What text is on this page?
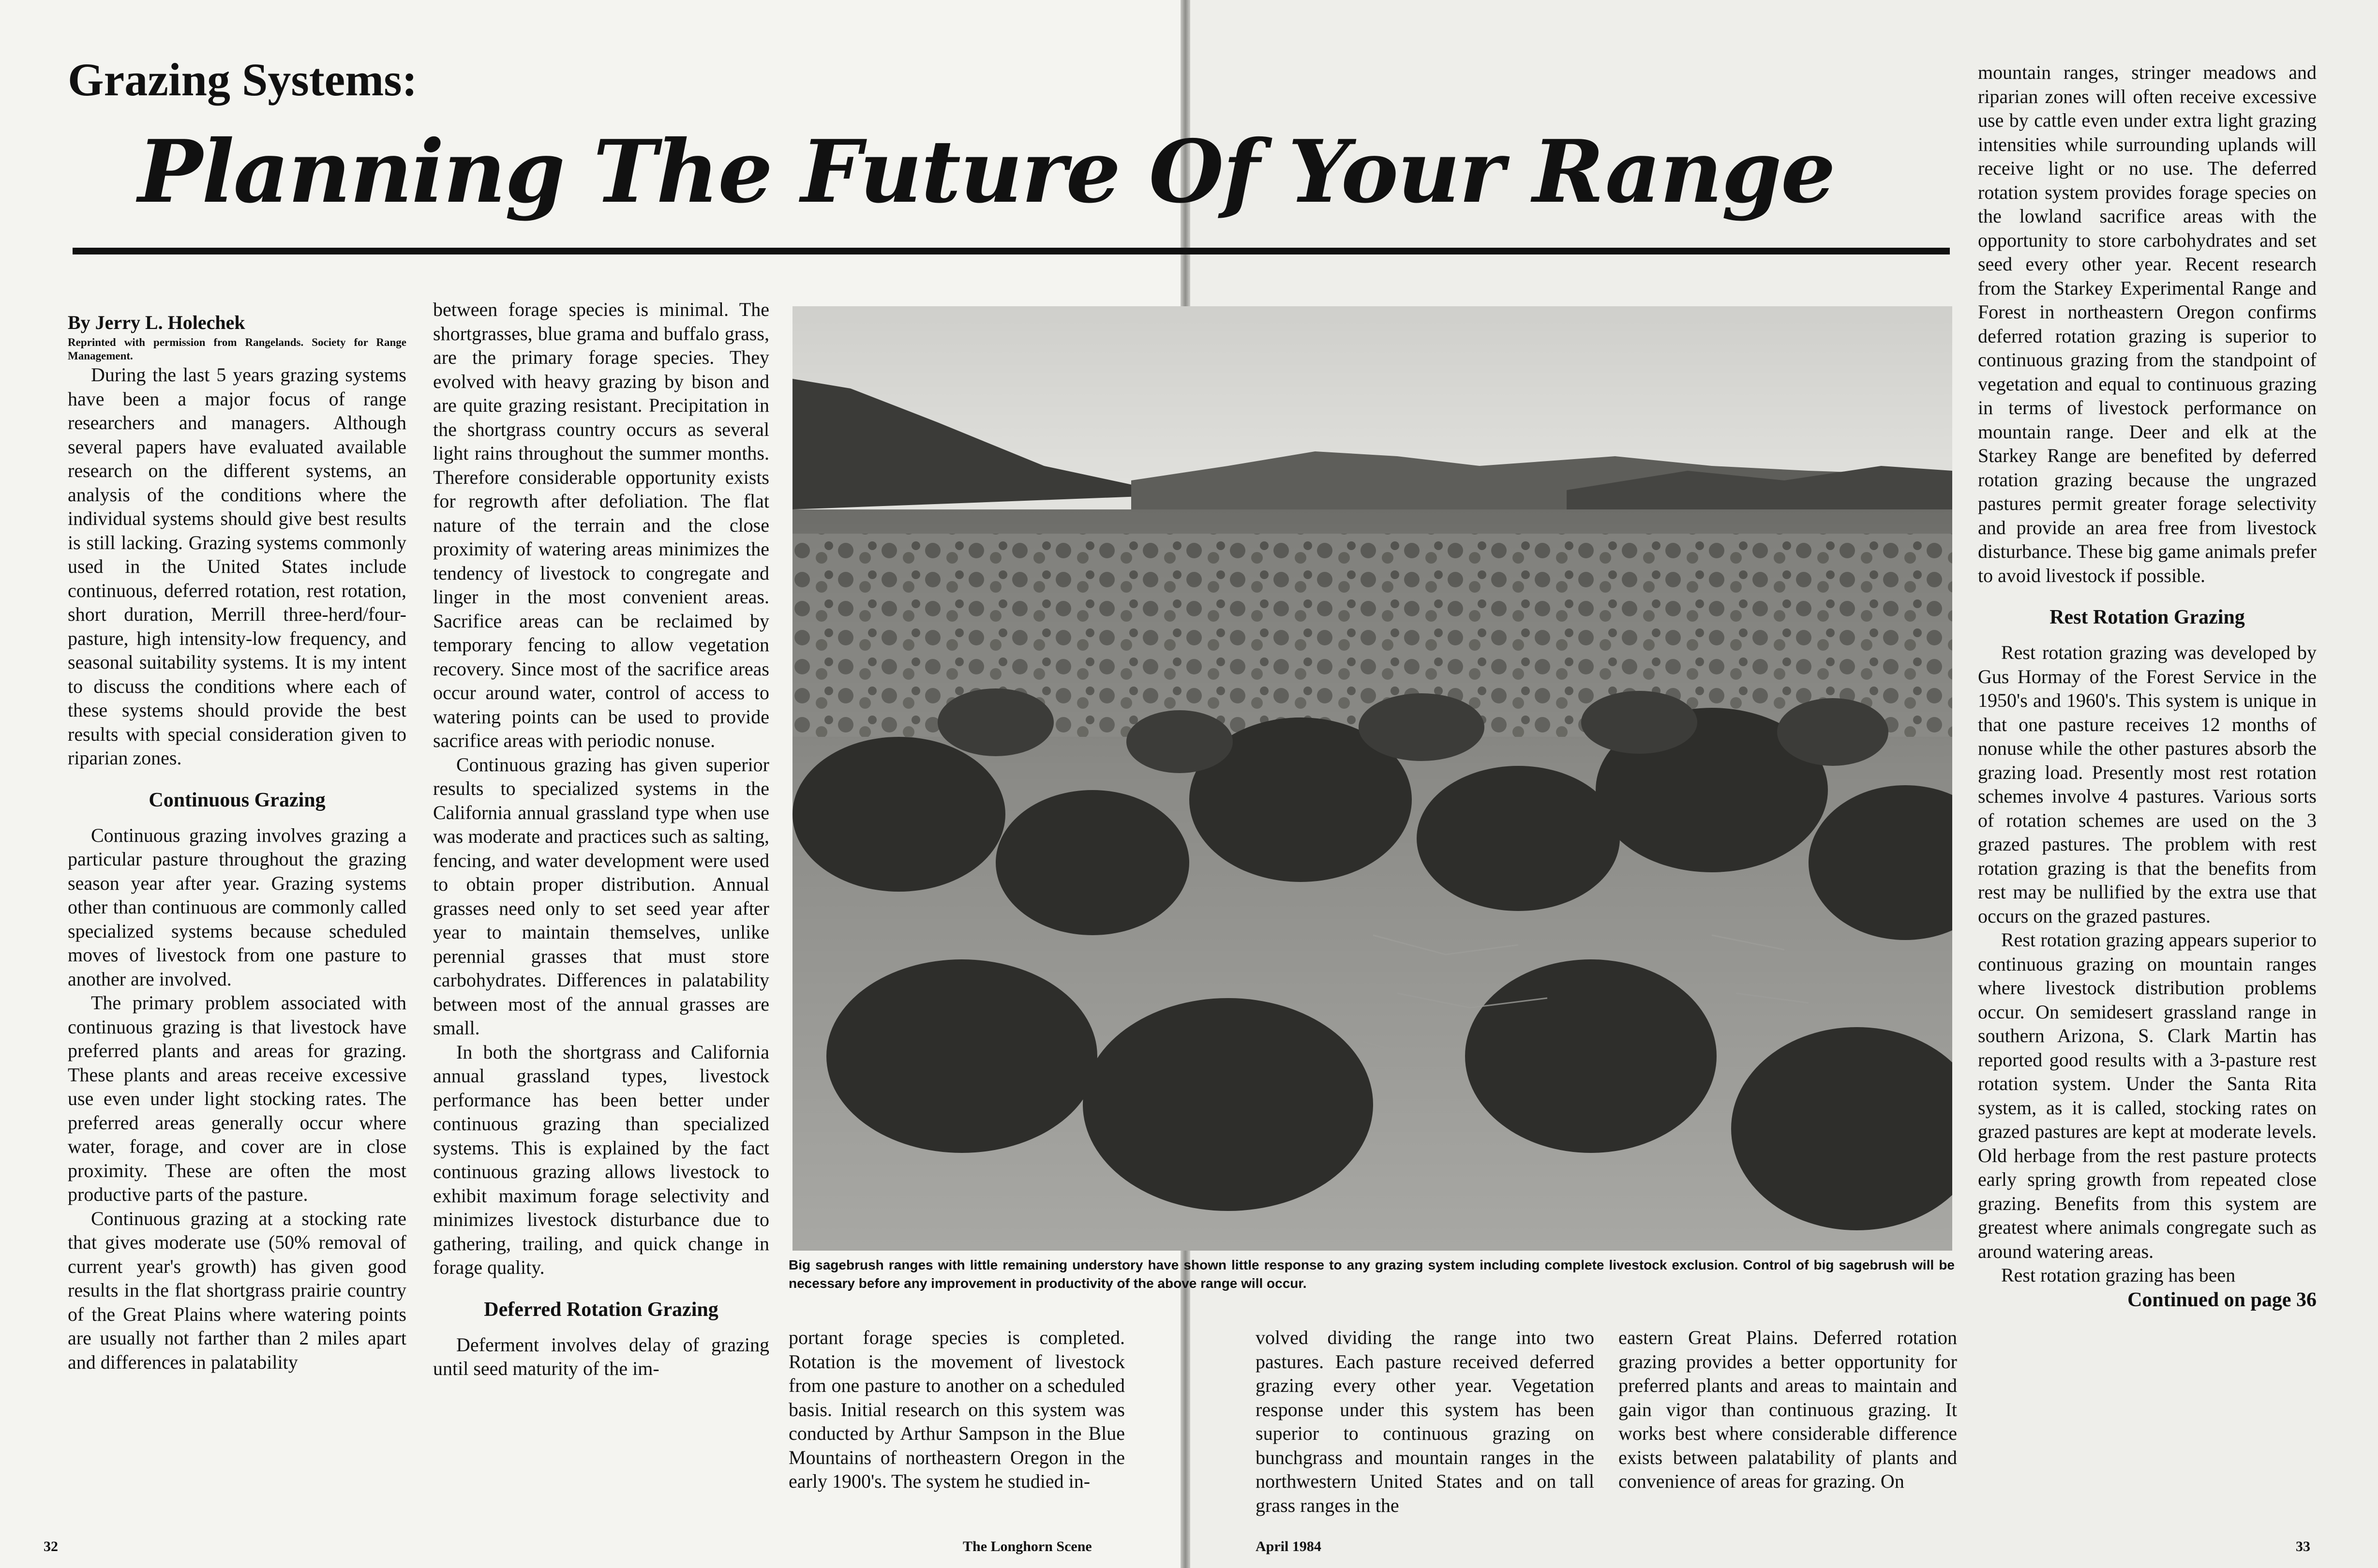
Grazing Systems:
Planning The Future Of Your Range

By Jerry L. Holechek

Reprinted with permission from Rangelands. Society for Range Management.

During the last 5 years grazing systems have been a major focus of range researchers and managers. Although several papers have evaluated available research on the different systems, an analysis of the conditions where the individual systems should give best results is still lacking. Grazing systems commonly used in the United States include continuous, deferred rotation, rest rotation, short duration, Merrill three-herd/four-pasture, high intensity-low frequency, and seasonal suitability systems. It is my intent to discuss the conditions where each of these systems should provide the best results with special consideration given to riparian zones.

Continuous Grazing

Continuous grazing involves grazing a particular pasture throughout the grazing season year after year. Grazing systems other than continuous are commonly called specialized systems because scheduled moves of livestock from one pasture to another are involved.

The primary problem associated with continuous grazing is that livestock have preferred plants and areas for grazing. These plants and areas receive excessive use even under light stocking rates. The preferred areas generally occur where water, forage, and cover are in close proximity. These are often the most productive parts of the pasture.

Continuous grazing at a stocking rate that gives moderate use (50% removal of current year's growth) has given good results in the flat shortgrass prairie country of the Great Plains where watering points are usually not farther than 2 miles apart and differences in palatability

between forage species is minimal. The shortgrasses, blue grama and buffalo grass, are the primary forage species. They evolved with heavy grazing by bison and are quite grazing resistant. Precipitation in the shortgrass country occurs as several light rains throughout the summer months. Therefore considerable opportunity exists for regrowth after defoliation. The flat nature of the terrain and the close proximity of watering areas minimizes the tendency of livestock to congregate and linger in the most convenient areas. Sacrifice areas can be reclaimed by temporary fencing to allow vegetation recovery. Since most of the sacrifice areas occur around water, control of access to watering points can be used to provide sacrifice areas with periodic nonuse.

Continuous grazing has given superior results to specialized systems in the California annual grassland type when use was moderate and practices such as salting, fencing, and water development were used to obtain proper distribution. Annual grasses need only to set seed year after year to maintain themselves, unlike perennial grasses that must store carbohydrates. Differences in palatability between most of the annual grasses are small.

In both the shortgrass and California annual grassland types, livestock performance has been better under continuous grazing than specialized systems. This is explained by the fact continuous grazing allows livestock to exhibit maximum forage selectivity and minimizes livestock disturbance due to gathering, trailing, and quick change in forage quality.

Deferred Rotation Grazing

Deferment involves delay of grazing until seed maturity of the im-

Big sagebrush ranges with little remaining understory have shown little response to any grazing system including complete livestock exclusion. Control of big sagebrush will be necessary before any improvement in productivity of the above range will occur.

portant forage species is completed. Rotation is the movement of livestock from one pasture to another on a scheduled basis. Initial research on this system was conducted by Arthur Sampson in the Blue Mountains of northeastern Oregon in the early 1900's. The system he studied in-

volved dividing the range into two pastures. Each pasture received deferred grazing every other year. Vegetation response under this system has been superior to continuous grazing on bunchgrass and mountain ranges in the northwestern United States and on tall grass ranges in the

eastern Great Plains. Deferred rotation grazing provides a better opportunity for preferred plants and areas to maintain and gain vigor than continuous grazing. It works best where considerable difference exists between palatability of plants and convenience of areas for grazing. On

mountain ranges, stringer meadows and riparian zones will often receive excessive use by cattle even under extra light grazing intensities while surrounding uplands will receive light or no use. The deferred rotation system provides forage species on the lowland sacrifice areas with the opportunity to store carbohydrates and set seed every other year. Recent research from the Starkey Experimental Range and Forest in northeastern Oregon confirms deferred rotation grazing is superior to continuous grazing from the standpoint of vegetation and equal to continuous grazing in terms of livestock performance on mountain range. Deer and elk at the Starkey Range are benefited by deferred rotation grazing because the ungrazed pastures permit greater forage selectivity and provide an area free from livestock disturbance. These big game animals prefer to avoid livestock if possible.

Rest Rotation Grazing

Rest rotation grazing was developed by Gus Hormay of the Forest Service in the 1950's and 1960's. This system is unique in that one pasture receives 12 months of nonuse while the other pastures absorb the grazing load. Presently most rest rotation schemes involve 4 pastures. Various sorts of rotation schemes are used on the 3 grazed pastures. The problem with rest rotation grazing is that the benefits from rest may be nullified by the extra use that occurs on the grazed pastures.

Rest rotation grazing appears superior to continuous grazing on mountain ranges where livestock distribution problems occur. On semidesert grassland range in southern Arizona, S. Clark Martin has reported good results with a 3-pasture rest rotation system. Under the Santa Rita system, as it is called, stocking rates on grazed pastures are kept at moderate levels. Old herbage from the rest pasture protects early spring growth from repeated close grazing. Benefits from this system are greatest where animals congregate such as around watering areas.

Rest rotation grazing has been

Continued on page 36
32	The Longhorn Scene	April 1984	33
